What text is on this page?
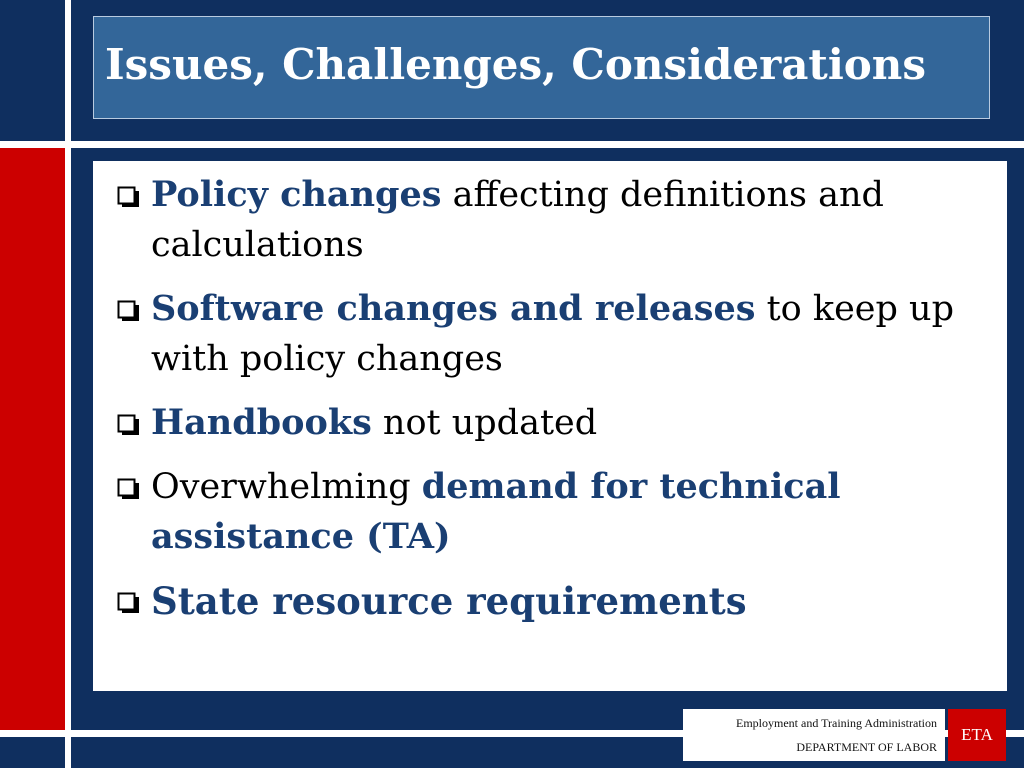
Issues, Challenges, Considerations
Policy changes affecting definitions and calculations
Software changes and releases to keep up with policy changes
Handbooks not updated
Overwhelming demand for technical assistance (TA)
State resource requirements
Employment and Training Administration
DEPARTMENT OF LABOR
ETA
